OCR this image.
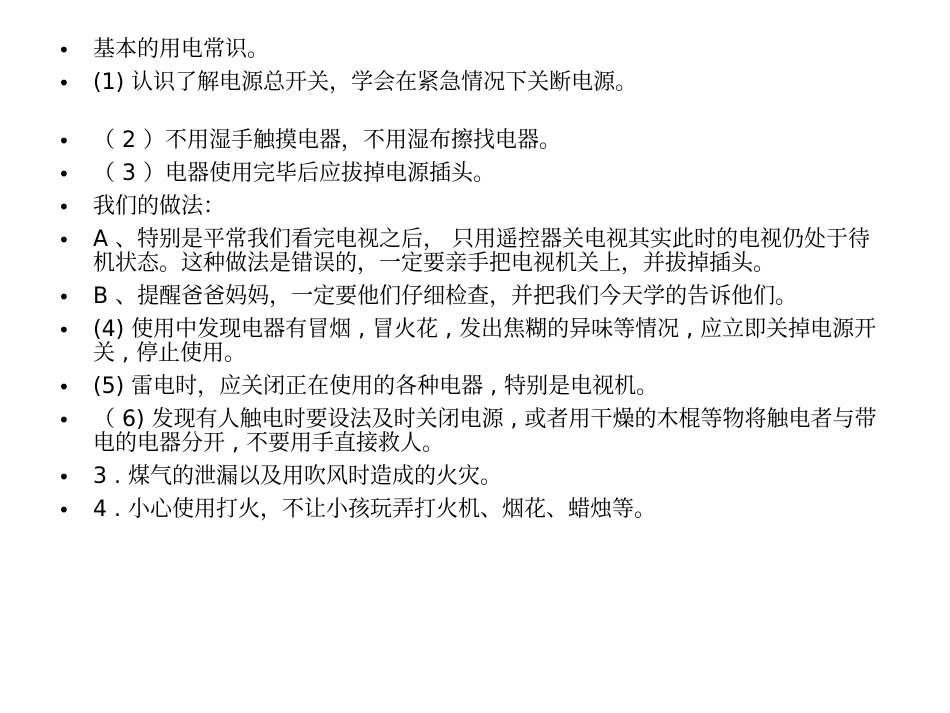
•	基本的用电常识。
•	(1) 认识了解电源总开关，学会在紧急情况下关断电源。
•	（ 2 ）不用湿手触摸电器，不用湿布擦找电器。
•	（ 3 ）电器使用完毕后应拔掉电源插头。
•	我们的做法：
•	A 、特别是平常我们看完电视之后， 只用遥控器关电视其实此时的电视仍处于待机状态。这种做法是错误的，一定要亲手把电视机关上，并拔掉插头。
•	B 、提醒爸爸妈妈，一定要他们仔细检查，并把我们今天学的告诉他们。
•	(4) 使用中发现电器有冒烟 , 冒火花 , 发出焦糊的异味等情况 , 应立即关掉电源开关 , 停止使用。
•	(5) 雷电时，应关闭正在使用的各种电器 , 特别是电视机。
•	（ 6) 发现有人触电时要设法及时关闭电源 , 或者用干燥的木棍等物将触电者与带电的电器分开 , 不要用手直接救人。
•	3 . 煤气的泄漏以及用吹风时造成的火灾。
•	4 . 小心使用打火，不让小孩玩弄打火机、烟花、蜡烛等。
